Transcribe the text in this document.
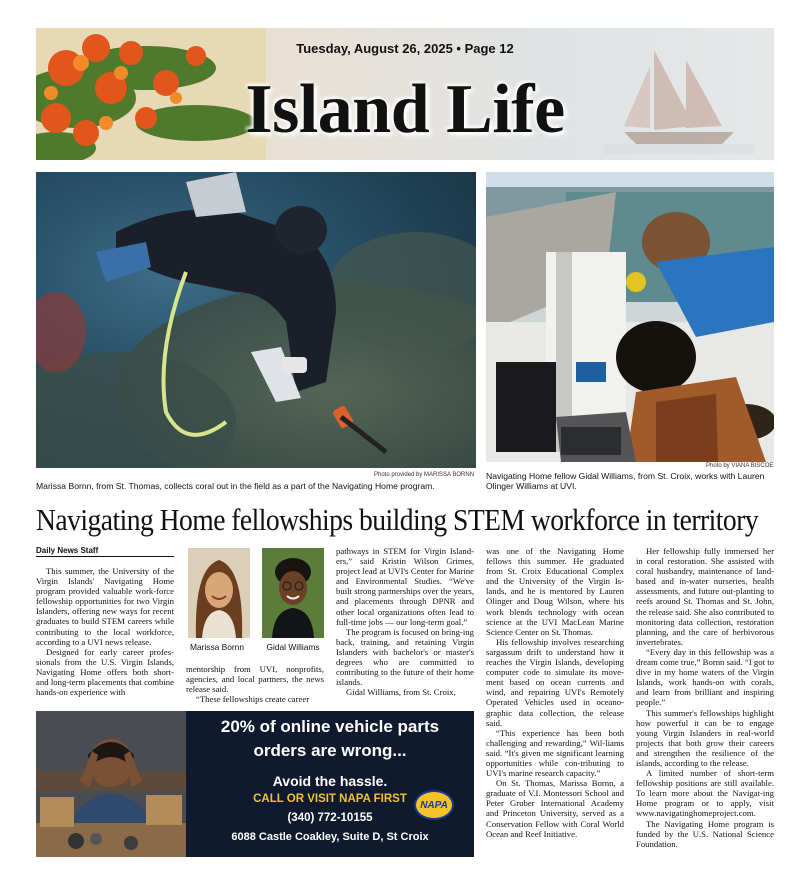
Tuesday, August 26, 2025 • Page 12
Island Life
Photo provided by MARISSA BORNN
Marissa Bornn, from St. Thomas, collects coral out in the field as a part of the Navigating Home program.
Photo by VIANA BISCOE
Navigating Home fellow Gidal Williams, from St. Croix, works with Lauren Olinger Williams at UVI.
Navigating Home fellowships building STEM workforce in territory
Daily News Staff

This summer, the University of the Virgin Islands' Navigating Home program provided valuable work-force fellowship opportunities for two Virgin Islanders, offering new ways for recent graduates to build STEM careers while contributing to the local workforce, according to a UVI news release.

Designed for early career profes-sionals from the U.S. Virgin Islands, Navigating Home offers both short- and long-term placements that combine hands-on experience with

Marissa Bornn	Gidal Williams

mentorship from UVI, nonprofits, agencies, and local partners, the news release said.

“These fellowships create career

pathways in STEM for Virgin Island-ers,” said Kristin Wilson Grimes, project lead at UVI's Center for Marine and Environmental Studies. “We've built strong partnerships over the years, and placements through DPNR and other local organizations often lead to full-time jobs — our long-term goal.”

The program is focused on bring-ing back, training, and retaining Virgin Islanders with bachelor's or master's degrees who are committed to contributing to the future of their home islands.

Gidal Williams, from St. Croix,

was one of the Navigating Home fellows this summer. He graduated from St. Croix Educational Complex and the University of the Virgin Is-lands, and he is mentored by Lauren Olinger and Doug Wilson, where his work blends technology with ocean science at the UVI MacLean Marine Science Center on St. Thomas.

His fellowship involves researching sargassum drift to understand how it reaches the Virgin Islands, developing computer code to simulate its move-ment based on ocean currents and wind, and repairing UVI's Remotely Operated Vehicles used in oceano-graphic data collection, the release said.

“This experience has been both challenging and rewarding,” Wil-liams said. “It's given me significant learning opportunities while con-tributing to UVI's marine research capacity.”

On St. Thomas, Marissa Bornn, a graduate of V.I. Montessori School and Peter Gruber International Academy and Princeton University, served as a Conservation Fellow with Coral World Ocean and Reef Initiative.

Her fellowship fully immersed her in coral restoration. She assisted with coral husbandry, maintenance of land-based and in-water nurseries, health assessments, and future out-planting to reefs around St. Thomas and St. John, the release said. She also contributed to monitoring data collection, restoration planning, and the care of herbivorous invertebrates.

“Every day in this fellowship was a dream come true,” Bornn said. “I got to dive in my home waters of the Virgin Islands, work hands-on with corals, and learn from brilliant and inspiring people.”

This summer's fellowships highlight how powerful it can be to engage young Virgin Islanders in real-world projects that both grow their careers and strengthen the resilience of the islands, according to the release.

A limited number of short-term fellowship positions are still available. To learn more about the Navigat-ing Home program or to apply, visit www.navigatinghomeproject.com.

The Navigating Home program is funded by the U.S. National Science Foundation.

20% of online vehicle parts
orders are wrong...
Avoid the hassle.
CALL OR VISIT NAPA FIRST
(340) 772-10155
6088 Castle Coakley, Suite D, St Croix
NAPA
